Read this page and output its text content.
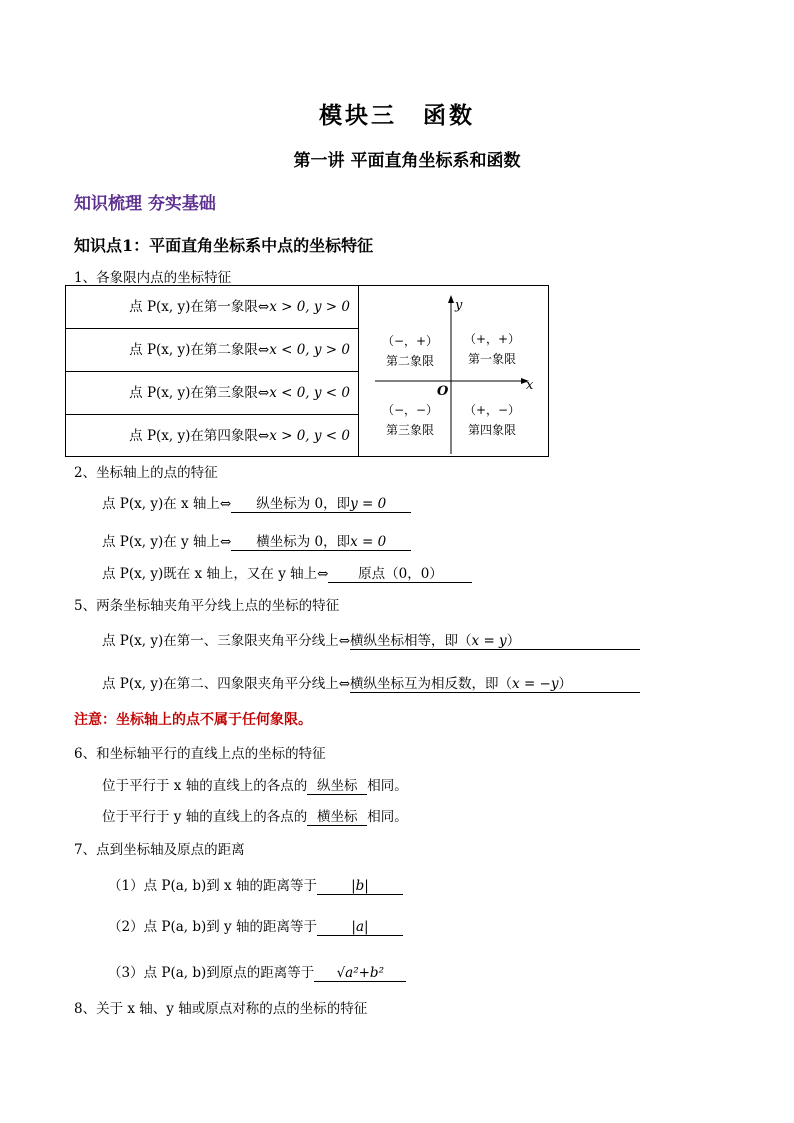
模块三　函数
第一讲 平面直角坐标系和函数
知识梳理 夯实基础
知识点1：平面直角坐标系中点的坐标特征
1、各象限内点的坐标特征
点 P(x, y)在第一象限⇔x > 0, y > 0
点 P(x, y)在第二象限⇔x < 0, y > 0
点 P(x, y)在第三象限⇔x < 0, y < 0
点 P(x, y)在第四象限⇔x > 0, y < 0
y
x
O
（−，+）
第二象限
（+，+）
第一象限
（−，−）
第三象限
（+，−）
第四象限
2、坐标轴上的点的特征
点 P(x, y)在 x 轴上⇔ 纵坐标为 0，即y = 0
点 P(x, y)在 y 轴上⇔ 横坐标为 0，即x = 0
点 P(x, y)既在 x 轴上，又在 y 轴上⇔ 原点（0，0）
5、两条坐标轴夹角平分线上点的坐标的特征
点 P(x, y)在第一、三象限夹角平分线上⇔横纵坐标相等，即（x = y）
点 P(x, y)在第二、四象限夹角平分线上⇔横纵坐标互为相反数，即（x = −y）
注意：坐标轴上的点不属于任何象限。
6、和坐标轴平行的直线上点的坐标的特征
位于平行于 x 轴的直线上的各点的 纵坐标 相同。
位于平行于 y 轴的直线上的各点的 横坐标 相同。
7、点到坐标轴及原点的距离
（1）点 P(a, b)到 x 轴的距离等于	|b|
（2）点 P(a, b)到 y 轴的距离等于	|a|
（3）点 P(a, b)到原点的距离等于 √a²+b²
8、关于 x 轴、y 轴或原点对称的点的坐标的特征
